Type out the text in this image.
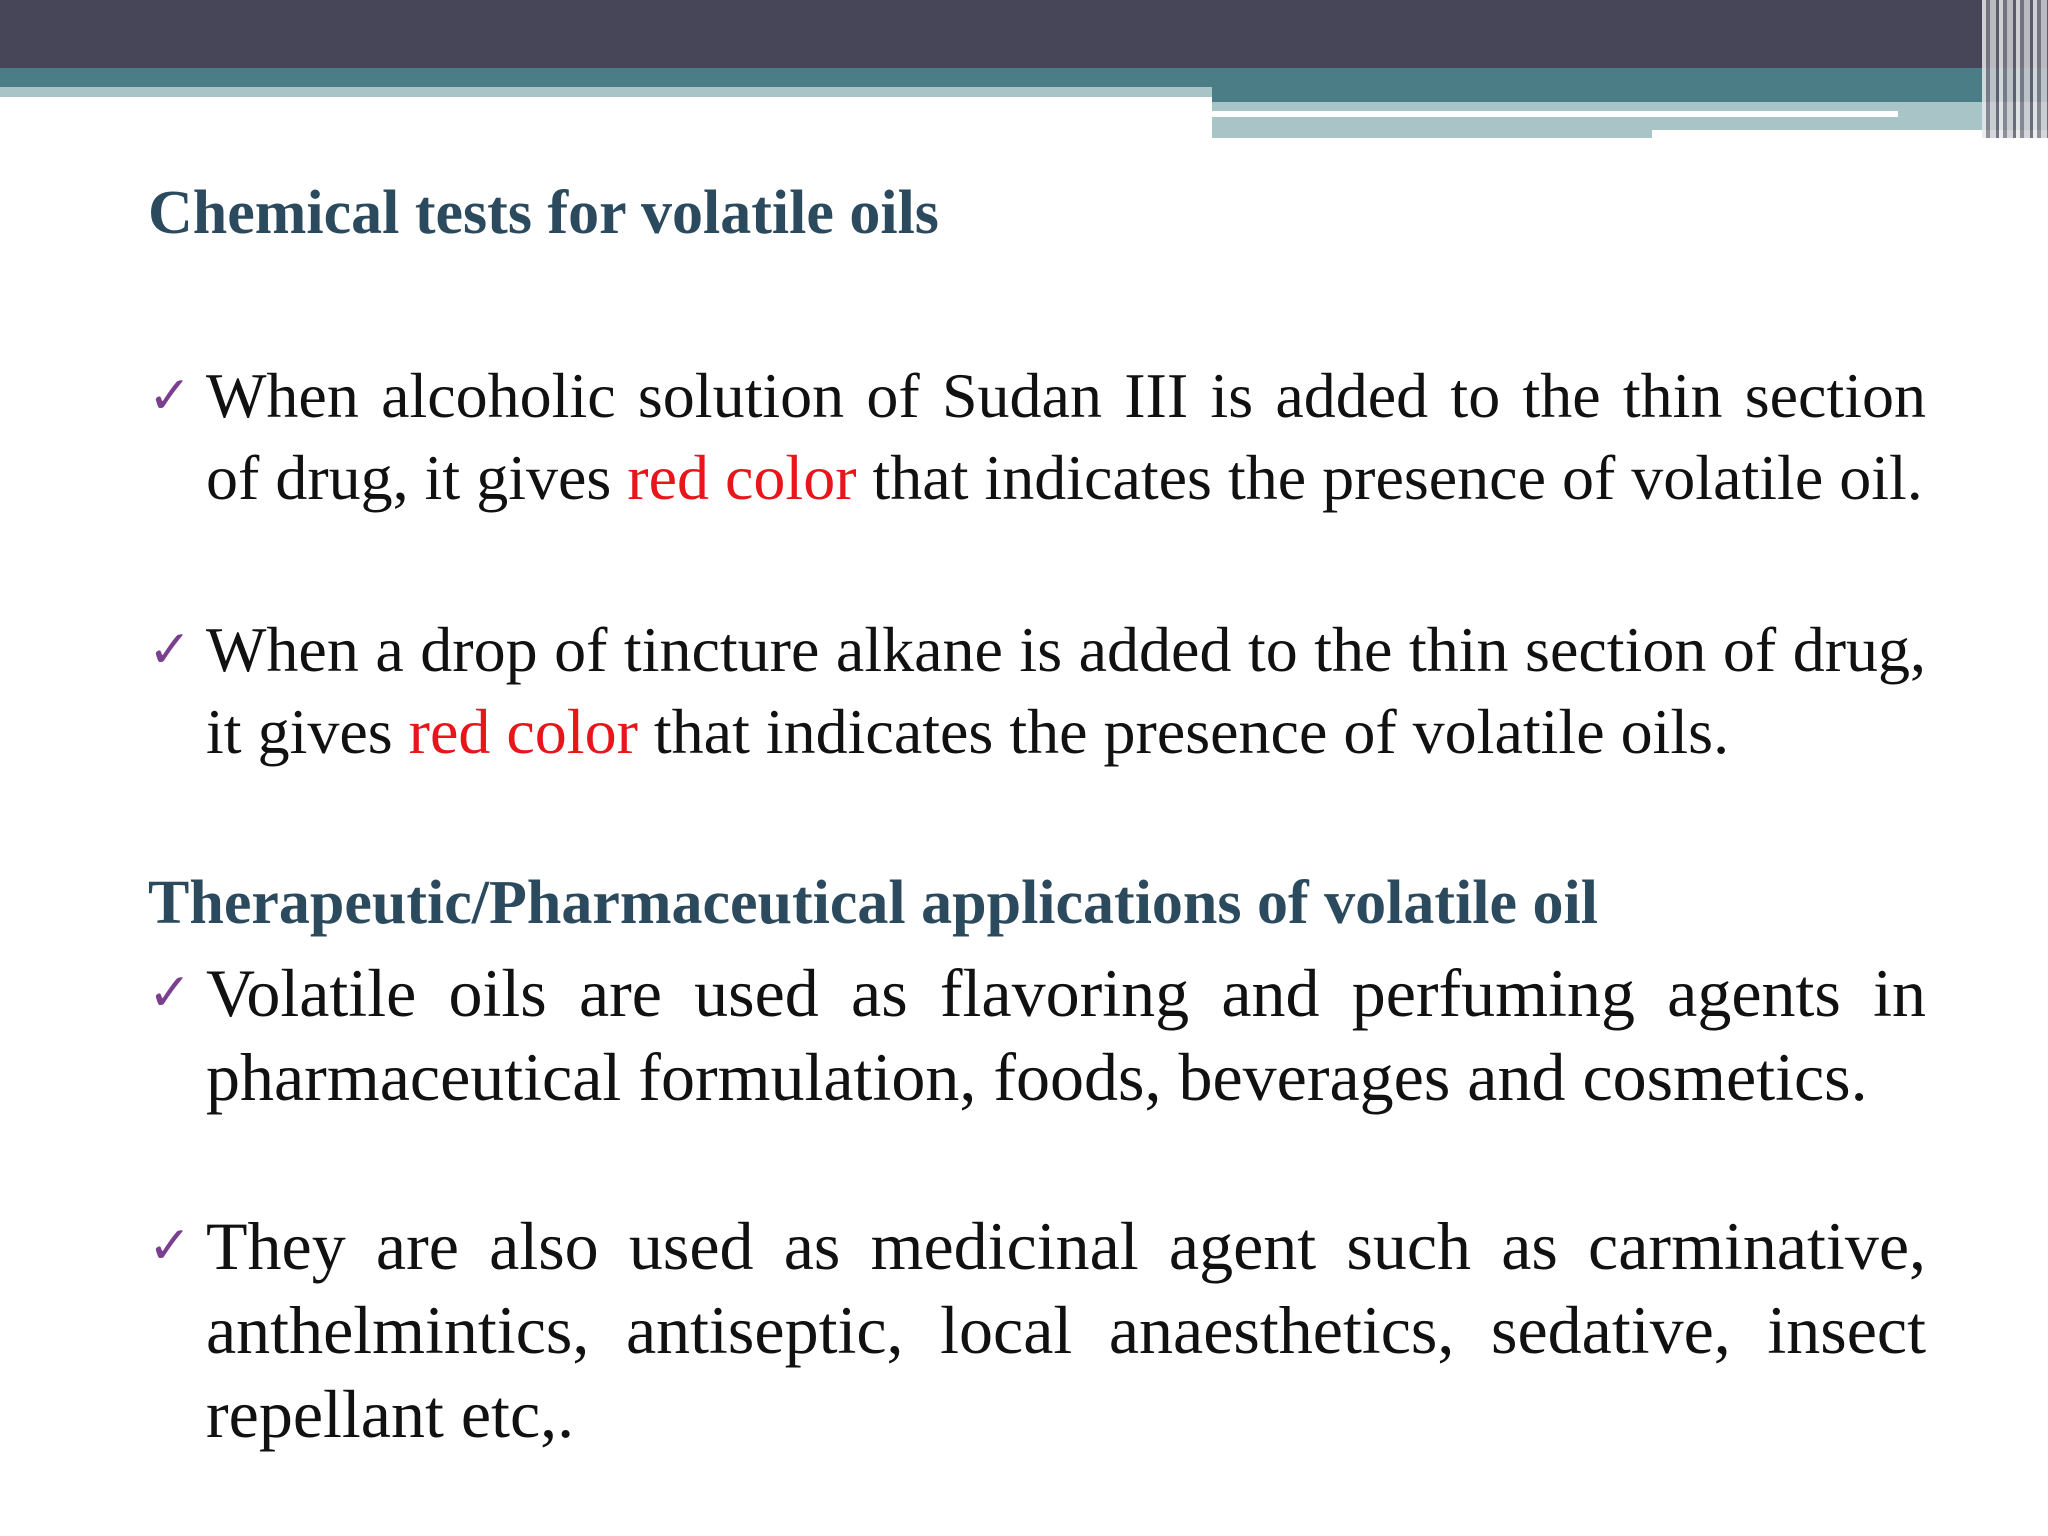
Chemical tests for volatile oils
✓ When alcoholic solution of Sudan III is added to the thin section of drug, it gives red color that indicates the presence of volatile oil.
✓ When a drop of tincture alkane is added to the thin section of drug, it gives red color that indicates the presence of volatile oils.
Therapeutic/Pharmaceutical applications of volatile oil
✓ Volatile oils are used as flavoring and perfuming agents in pharmaceutical formulation, foods, beverages and cosmetics.
✓ They are also used as medicinal agent such as carminative, anthelmintics, antiseptic, local anaesthetics, sedative, insect repellant etc,.
